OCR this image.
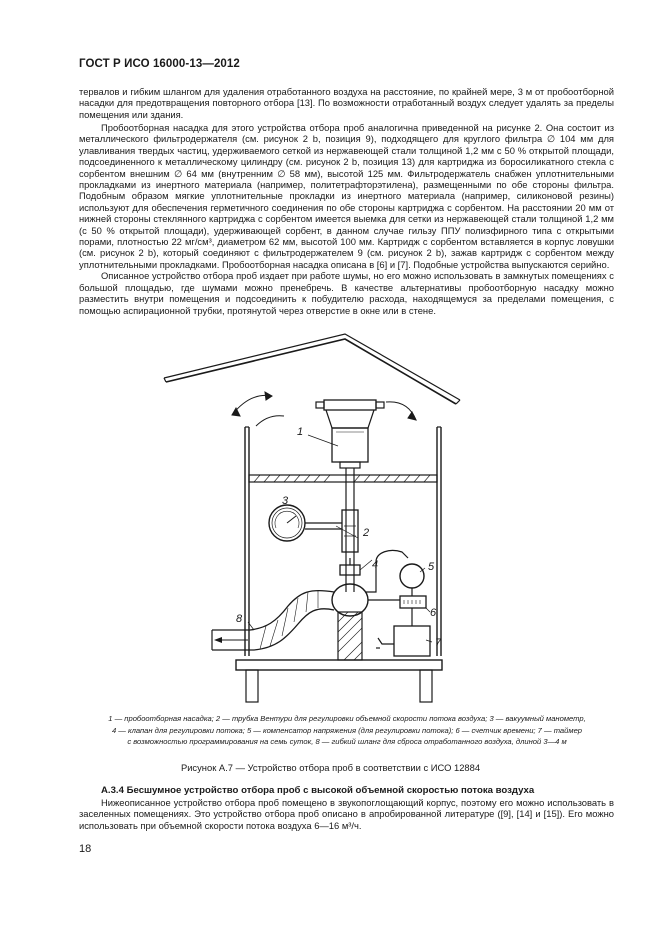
ГОСТ Р ИСО 16000-13—2012

тервалов и гибким шлангом для удаления отработанного воздуха на расстояние, по крайней мере, 3 м от пробоотборной насадки для предотвращения повторного отбора [13]. По возможности отработанный воздух следует удалять за пределы помещения или здания.

Пробоотборная насадка для этого устройства отбора проб аналогична приведенной на рисунке 2. Она состоит из металлического фильтродержателя (см. рисунок 2 b, позиция 9), подходящего для круглого фильтра ∅ 104 мм для улавливания твердых частиц, удерживаемого сеткой из нержавеющей стали толщиной 1,2 мм с 50 % открытой площади, подсоединенного к металлическому цилиндру (см. рисунок 2 b, позиция 13) для картриджа из боросиликатного стекла с сорбентом внешним ∅ 64 мм (внутренним ∅ 58 мм), высотой 125 мм. Фильтродержатель снабжен уплотнительными прокладками из инертного материала (например, политетрафторэтилена), размещенными по обе стороны фильтра. Подобным образом мягкие уплотнительные прокладки из инертного материала (например, силиконовой резины) используют для обеспечения герметичного соединения по обе стороны картриджа с сорбентом. На расстоянии 20 мм от нижней стороны стеклянного картриджа с сорбентом имеется выемка для сетки из нержавеющей стали толщиной 1,2 мм (с 50 % открытой площади), удерживающей сорбент, в данном случае гильзу ППУ полиэфирного типа с открытыми порами, плотностью 22 мг/см³, диаметром 62 мм, высотой 100 мм. Картридж с сорбентом вставляется в корпус ловушки (см. рисунок 2 b), который соединяют с фильтродержателем 9 (см. рисунок 2 b), зажав картридж с сорбентом между уплотнительными прокладками. Пробоотборная насадка описана в [6] и [7]. Подобные устройства выпускаются серийно.

Описанное устройство отбора проб издает при работе шумы, но его можно использовать в замкнутых помещениях с большой площадью, где шумами можно пренебречь. В качестве альтернативы пробоотборную насадку можно разместить внутри помещения и подсоединить к побудителю расхода, находящемуся за пределами помещения, с помощью аспирационной трубки, протянутой через отверстие в окне или в стене.

1
2
3
4	5
6
7
8
1 — пробоотборная насадка; 2 — трубка Вентури для регулировки объемной скорости потока воздуха; 3 — вакуумный манометр,
4 — клапан для регулировки потока; 5 — компенсатор напряжения (для регулировки потока); 6 — счетчик времени; 7 — таймер
с возможностью программирования на семь суток, 8 — гибкий шланг для сброса отработанного воздуха, длиной 3—4 м
Рисунок А.7 — Устройство отбора проб в соответствии с ИСО 12884
А.3.4 Бесшумное устройство отбора проб с высокой объемной скоростью потока воздуха

Нижеописанное устройство отбора проб помещено в звукопоглощающий корпус, поэтому его можно использовать в заселенных помещениях. Это устройство отбора проб описано в апробированной литературе ([9], [14] и [15]). Его можно использовать при объемной скорости потока воздуха 6—16 м³/ч.

18
